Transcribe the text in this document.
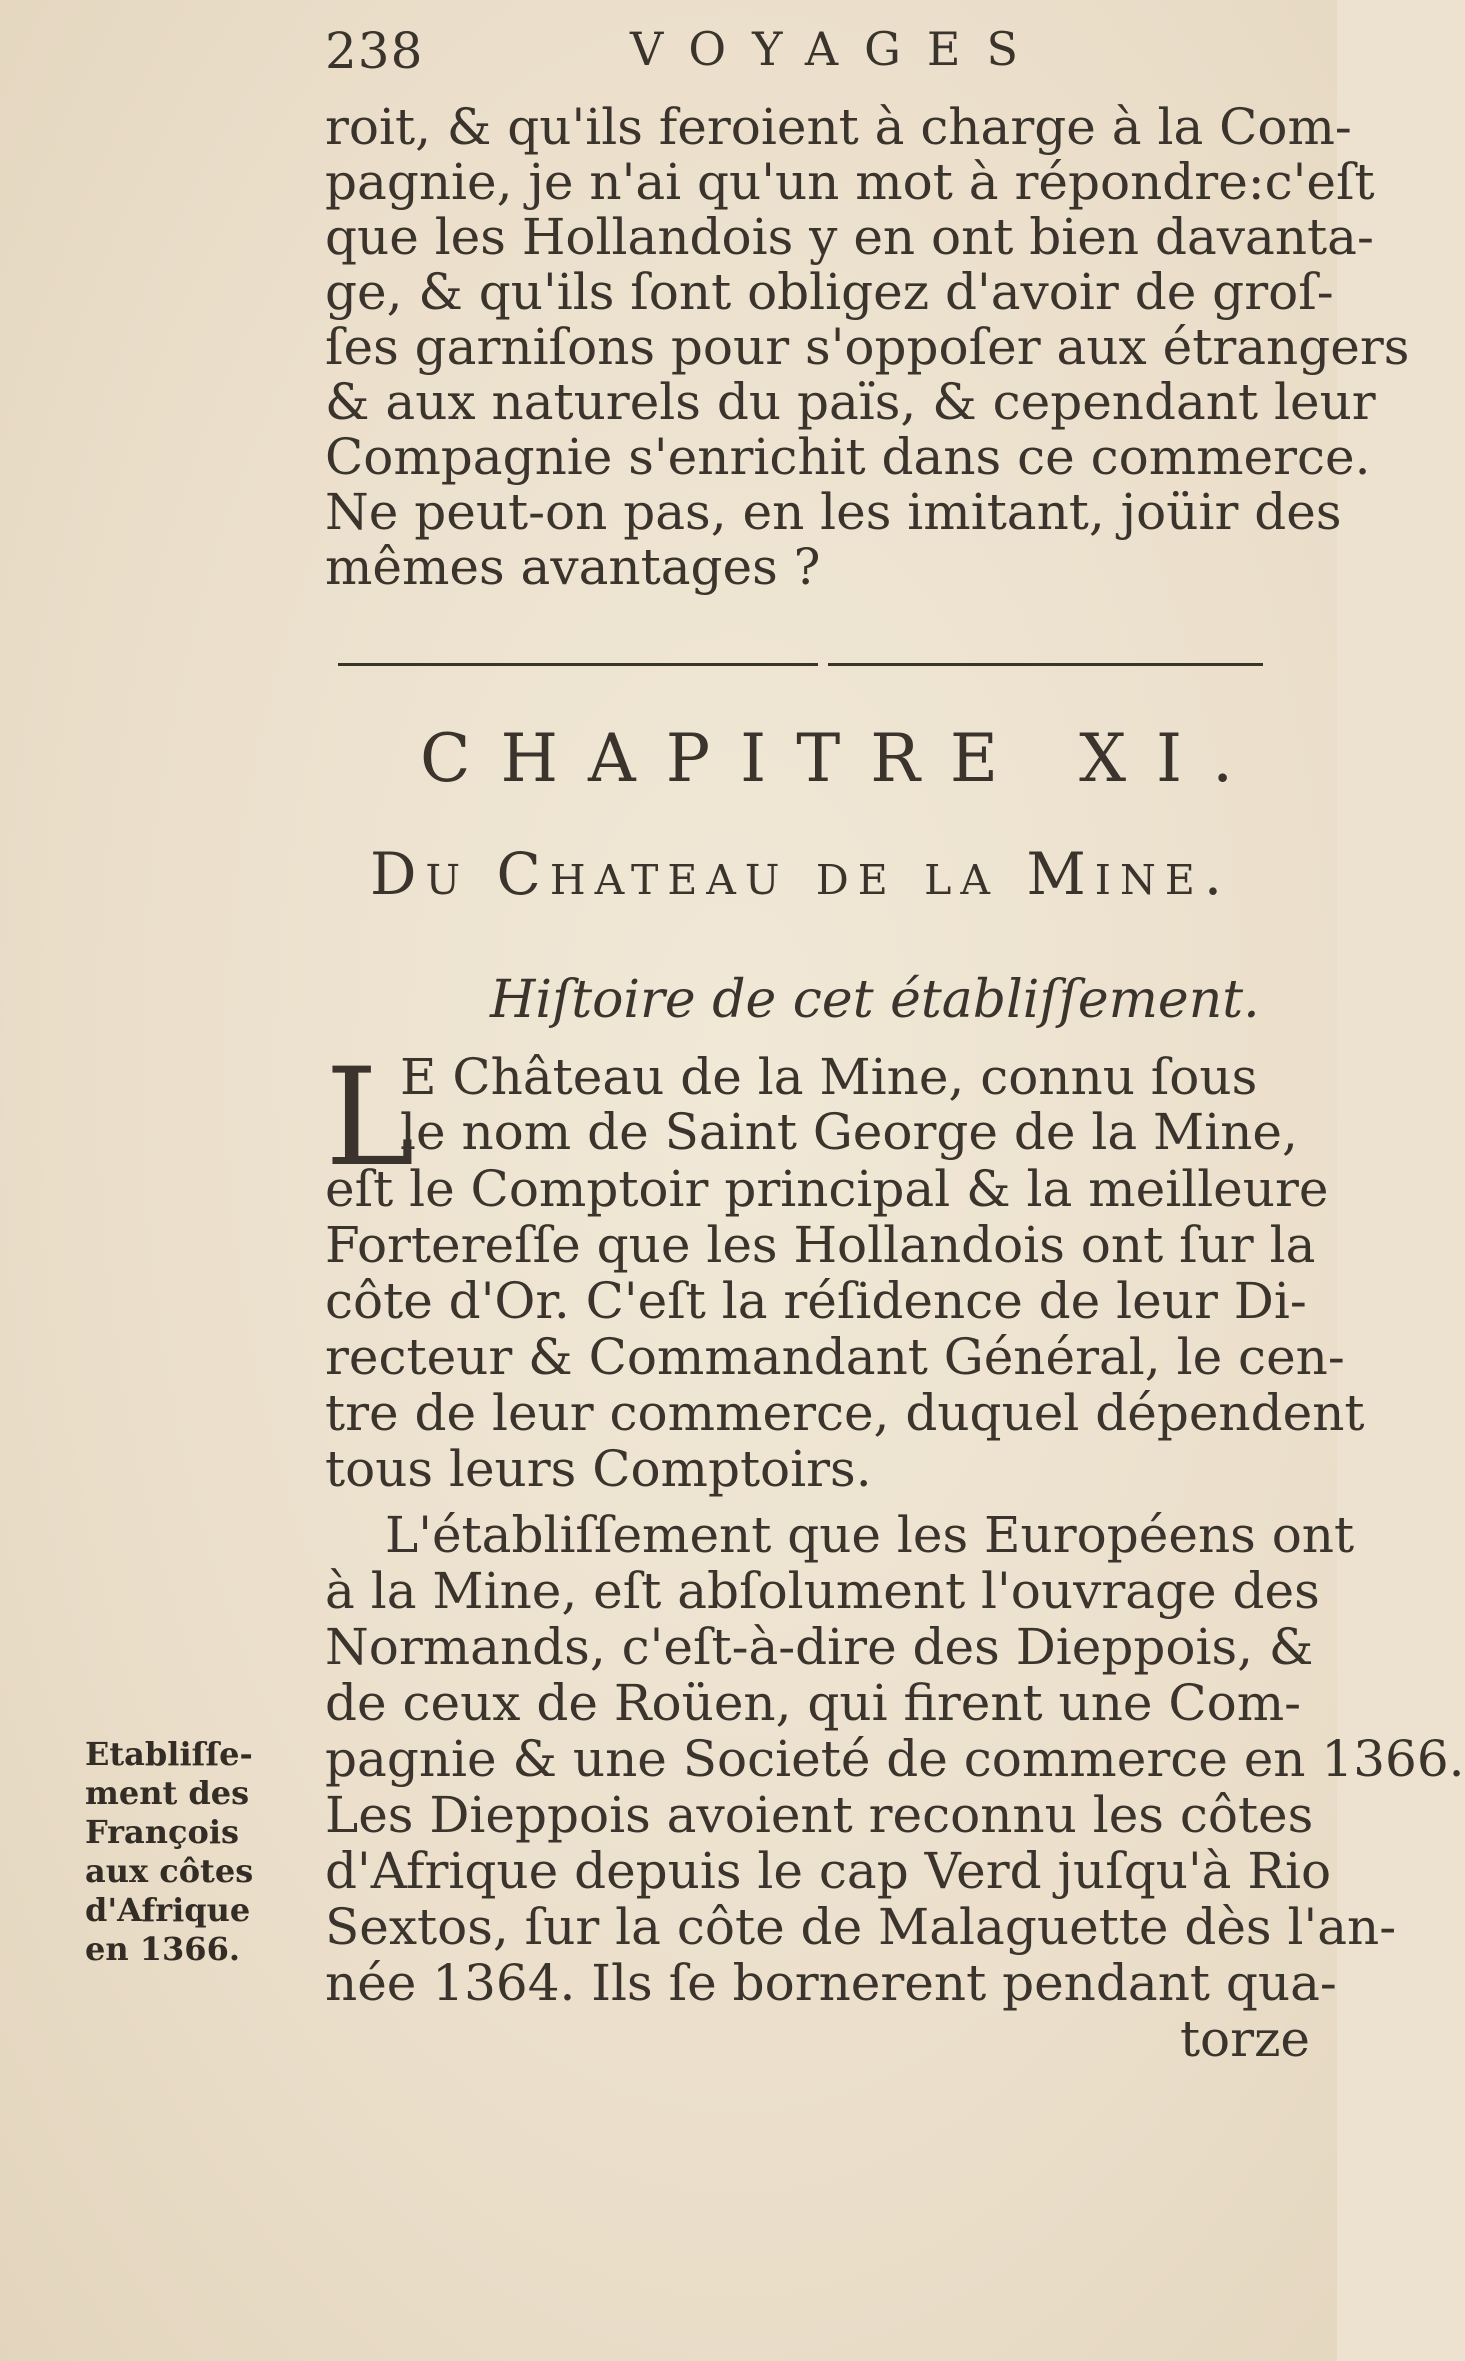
238	VOYAGES
roit, & qu'ils feroient à charge à la Com-
pagnie, je n'ai qu'un mot à répondre:c'eſt
que les Hollandois y en ont bien davanta-
ge, & qu'ils ſont obligez d'avoir de groſ-
ſes garniſons pour s'oppoſer aux étrangers
& aux naturels du païs, & cependant leur
Compagnie s'enrichit dans ce commerce.
Ne peut-on pas, en les imitant, joüir des
mêmes avantages ?
CHAPITRE XI.
Du Chateau de la Mine.
Hiſtoire de cet établiſſement.
L
E Château de la Mine, connu ſous
le nom de Saint George de la Mine,
eſt le Comptoir principal & la meilleure
Forterеſſe que les Hollandois ont ſur la
côte d'Or. C'eſt la réſidence de leur Di-
recteur & Commandant Général, le cen-
tre de leur commerce, duquel dépendent
tous leurs Comptoirs.
L'établiſſement que les Européens ont
à la Mine, eſt abſolument l'ouvrage des
Normands, c'eſt-à-dire des Dieppois, &
de ceux de Roüen, qui firent une Com-
pagnie & une Societé de commerce en 1366.
Les Dieppois avoient reconnu les côtes
d'Afrique depuis le cap Verd juſqu'à Rio
Sextos, ſur la côte de Malaguette dès l'an-
née 1364. Ils ſe bornerent pendant qua-
torze
Etabliſſe-
ment des
François
aux côtes
d'Afrique
en 1366.
